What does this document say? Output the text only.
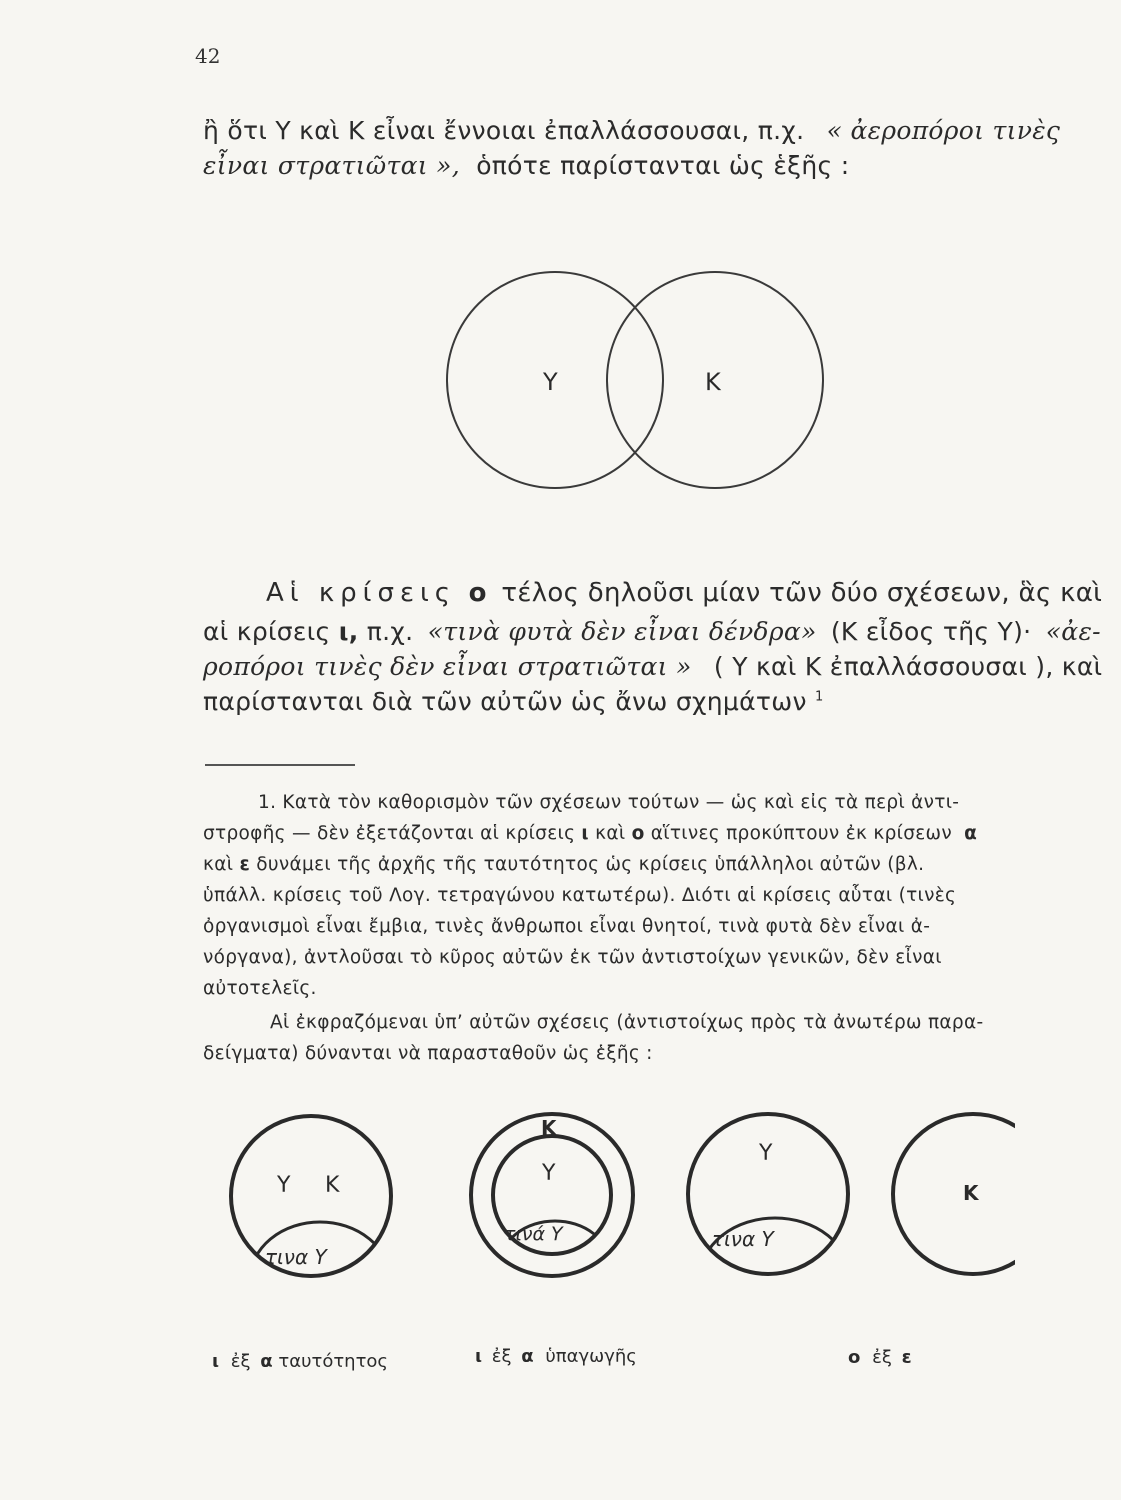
42
ἢ ὅτι Υ καὶ Κ εἶναι ἔννοιαι ἐπαλλάσσουσαι, π.χ. « ἀεροπόροι τινὲς
εἶναι στρατιῶται », ὁπότε παρίστανται ὡς ἑξῆς :
Υ	Κ
Αἱ κρίσεις ο τέλος δηλοῦσι μίαν τῶν δύο σχέσεων, ἃς καὶ
αἱ κρίσεις ι, π.χ. «τινὰ φυτὰ δὲν εἶναι δένδρα» (Κ εἶδος τῆς Υ)· «ἀε-
ροπόροι τινὲς δὲν εἶναι στρατιῶται » ( Υ καὶ Κ ἐπαλλάσσουσαι ), καὶ
παρίστανται διὰ τῶν αὐτῶν ὡς ἄνω σχημάτων $^1$
1. Κατὰ τὸν καθορισμὸν τῶν σχέσεων τούτων — ὡς καὶ εἰς τὰ περὶ ἀντι-
στροφῆς — δὲν ἐξετάζονται αἱ κρίσεις ι καὶ ο αἵτινες προκύπτουν ἐκ κρίσεων α
καὶ ε δυνάμει τῆς ἀρχῆς τῆς ταυτότητος ὡς κρίσεις ὑπάλληλοι αὐτῶν (βλ.
ὑπάλλ. κρίσεις τοῦ Λογ. τετραγώνου κατωτέρω). Διότι αἱ κρίσεις αὗται (τινὲς
ὀργανισμοὶ εἶναι ἔμβια, τινὲς ἄνθρωποι εἶναι θνητοί, τινὰ φυτὰ δὲν εἶναι ἀ-
νόργανα), ἀντλοῦσαι τὸ κῦρος αὐτῶν ἐκ τῶν ἀντιστοίχων γενικῶν, δὲν εἶναι
αὐτοτελεῖς.
Αἱ ἐκφραζόμεναι ὑπ’ αὐτῶν σχέσεις (ἀντιστοίχως πρὸς τὰ ἀνωτέρω παρα-
δείγματα) δύνανται νὰ παρασταθοῦν ὡς ἑξῆς :
Υ Κ
τινα Υ
Κ
Υ
τινά Υ
Υ
τινα Υ
Κ
ι ἐξ α ταυτότητος	ι ἐξ α ὑπαγωγῆς	ο ἐξ ε
